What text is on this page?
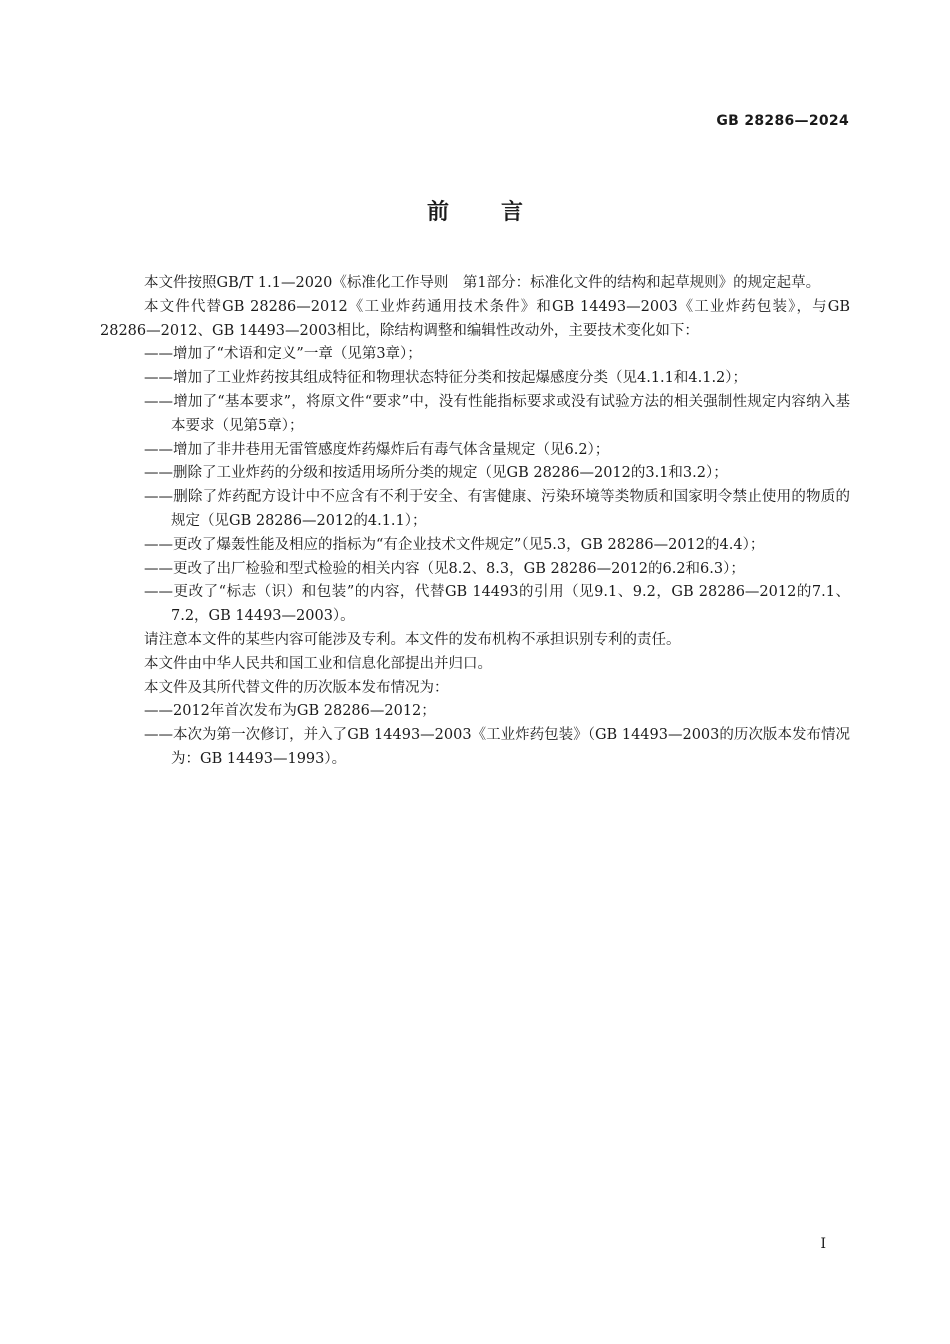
GB 28286—2024
前言

本文件按照GB/T 1.1—2020《标准化工作导则　第1部分：标准化文件的结构和起草规则》的规定起草。

本文件代替GB 28286—2012《工业炸药通用技术条件》和GB 14493—2003《工业炸药包装》，与GB 28286—2012、GB 14493—2003相比，除结构调整和编辑性改动外，主要技术变化如下：

——增加了“术语和定义”一章（见第3章）；

——增加了工业炸药按其组成特征和物理状态特征分类和按起爆感度分类（见4.1.1和4.1.2）；

——增加了“基本要求”，将原文件“要求”中，没有性能指标要求或没有试验方法的相关强制性规定内容纳入基本要求（见第5章）；

——增加了非井巷用无雷管感度炸药爆炸后有毒气体含量规定（见6.2）；

——删除了工业炸药的分级和按适用场所分类的规定（见GB 28286—2012的3.1和3.2）；

——删除了炸药配方设计中不应含有不利于安全、有害健康、污染环境等类物质和国家明令禁止使用的物质的规定（见GB 28286—2012的4.1.1）；

——更改了爆轰性能及相应的指标为“有企业技术文件规定”（见5.3，GB 28286—2012的4.4）；

——更改了出厂检验和型式检验的相关内容（见8.2、8.3，GB 28286—2012的6.2和6.3）；

——更改了“标志（识）和包装”的内容，代替GB 14493的引用（见9.1、9.2，GB 28286—2012的7.1、7.2，GB 14493—2003）。

请注意本文件的某些内容可能涉及专利。本文件的发布机构不承担识别专利的责任。

本文件由中华人民共和国工业和信息化部提出并归口。

本文件及其所代替文件的历次版本发布情况为：

——2012年首次发布为GB 28286—2012；

——本次为第一次修订，并入了GB 14493—2003《工业炸药包装》（GB 14493—2003的历次版本发布情况为：GB 14493—1993）。

I
